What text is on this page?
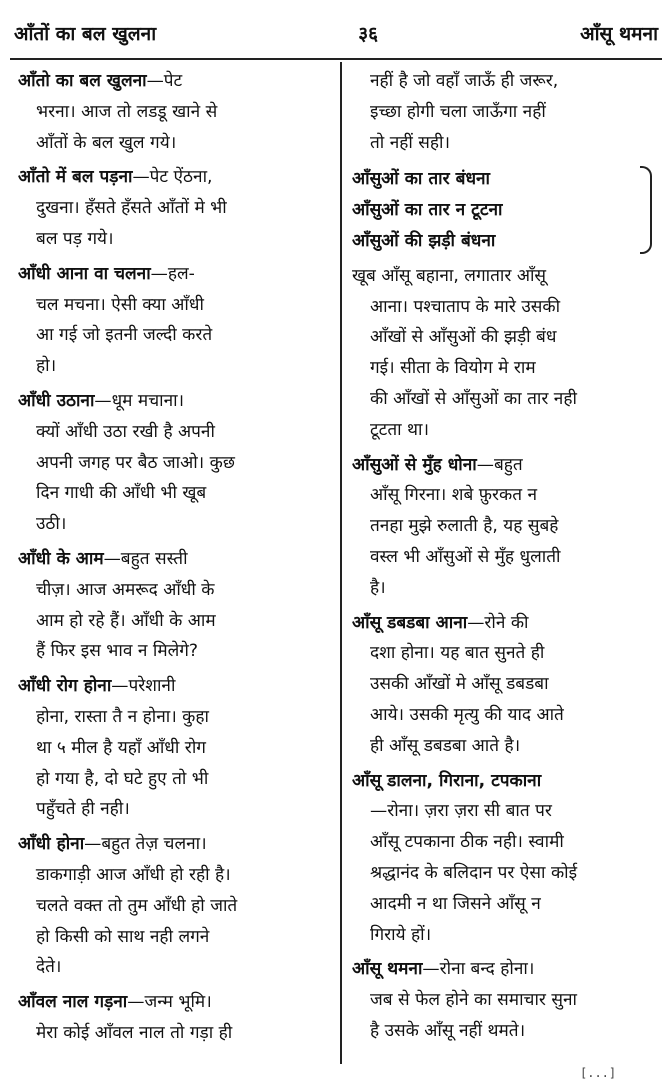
आँतों का बल खुलना	३६	आँसू थमना
आँतो का बल खुलना—पेट
भरना। आज तो लडडू खाने से
आँतों के बल खुल गये।
आँतो में बल पड़ना—पेट ऐंठना,
दुखना। हँसते हँसते आँतों मे भी
बल पड़ गये।
आँधी आना वा चलना—हल-
चल मचना। ऐसी क्या आँधी
आ गई जो इतनी जल्दी करते
हो।
आँधी उठाना—धूम मचाना।
क्यों आँधी उठा रखी है अपनी
अपनी जगह पर बैठ जाओ। कुछ
दिन गाधी की आँधी भी खूब
उठी।
आँधी के आम—बहुत सस्ती
चीज़। आज अमरूद आँधी के
आम हो रहे हैं। आँधी के आम
हैं फिर इस भाव न मिलेगे?
आँधी रोग होना—परेशानी
होना, रास्ता तै न होना। कुहा
था ५ मील है यहाँ आँधी रोग
हो गया है, दो घटे हुए तो भी
पहुँचते ही नही।
आँधी होना—बहुत तेज़ चलना।
डाकगाड़ी आज आँधी हो रही है।
चलते वक्त तो तुम आँधी हो जाते
हो किसी को साथ नही लगने
देते।
आँवल नाल गड़ना—जन्म भूमि।
मेरा कोई आँवल नाल तो गड़ा ही
नहीं है जो वहाँ जाऊँ ही जरूर,
इच्छा होगी चला जाऊँगा नहीं
तो नहीं सही।
आँसुओं का तार बंधना
आँसुओं का तार न टूटना
आँसुओं की झड़ी बंधना
खूब आँसू बहाना, लगातार आँसू
आना। पश्चाताप के मारे उसकी
आँखों से आँसुओं की झड़ी बंध
गई। सीता के वियोग मे राम
की आँखों से आँसुओं का तार नही
टूटता था।
आँसुओं से मुँह धोना—बहुत
आँसू गिरना। शबे फ़ुरकत न
तनहा मुझे रुलाती है, यह सुबहे
वस्ल भी आँसुओं से मुँह धुलाती
है।
आँसू डबडबा आना—रोने की
दशा होना। यह बात सुनते ही
उसकी आँखों मे आँसू डबडबा
आये। उसकी मृत्यु की याद आते
ही आँसू डबडबा आते है।
आँसू डालना, गिराना, टपकाना
—रोना। ज़रा ज़रा सी बात पर
आँसू टपकाना ठीक नही। स्वामी
श्रद्धानंद के बलिदान पर ऐसा कोई
आदमी न था जिसने आँसू न
गिराये हों।
आँसू थमना—रोना बन्द होना।
जब से फेल होने का समाचार सुना
है उसके आँसू नहीं थमते।
[...]
